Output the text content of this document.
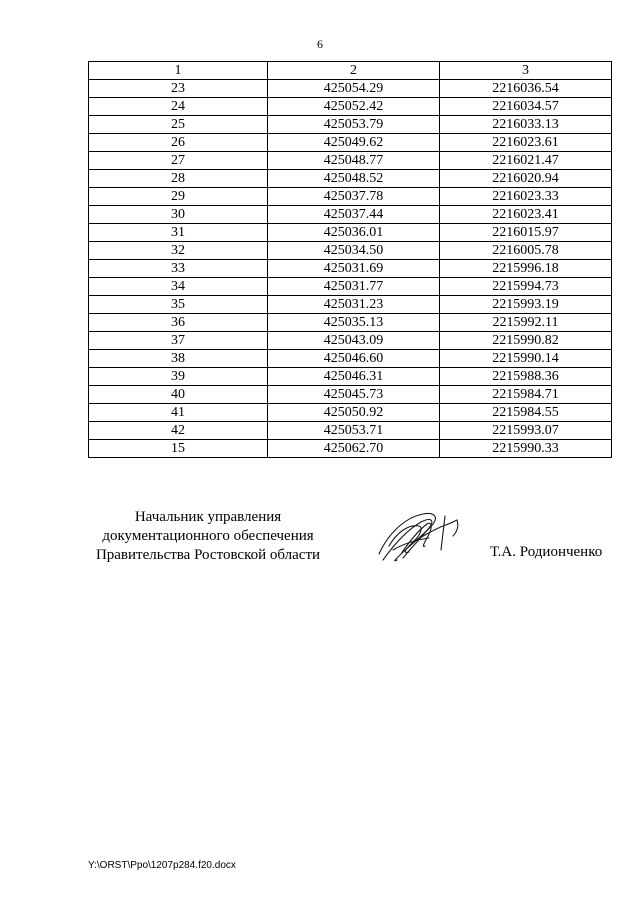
6
1	2	3
23	425054.29	2216036.54
24	425052.42	2216034.57
25	425053.79	2216033.13
26	425049.62	2216023.61
27	425048.77	2216021.47
28	425048.52	2216020.94
29	425037.78	2216023.33
30	425037.44	2216023.41
31	425036.01	2216015.97
32	425034.50	2216005.78
33	425031.69	2215996.18
34	425031.77	2215994.73
35	425031.23	2215993.19
36	425035.13	2215992.11
37	425043.09	2215990.82
38	425046.60	2215990.14
39	425046.31	2215988.36
40	425045.73	2215984.71
41	425050.92	2215984.55
42	425053.71	2215993.07
15	425062.70	2215990.33
Начальник управления
документационного обеспечения
Правительства Ростовской области	Т.А. Родионченко
Y:\ORST\Ppo\1207p284.f20.docx
